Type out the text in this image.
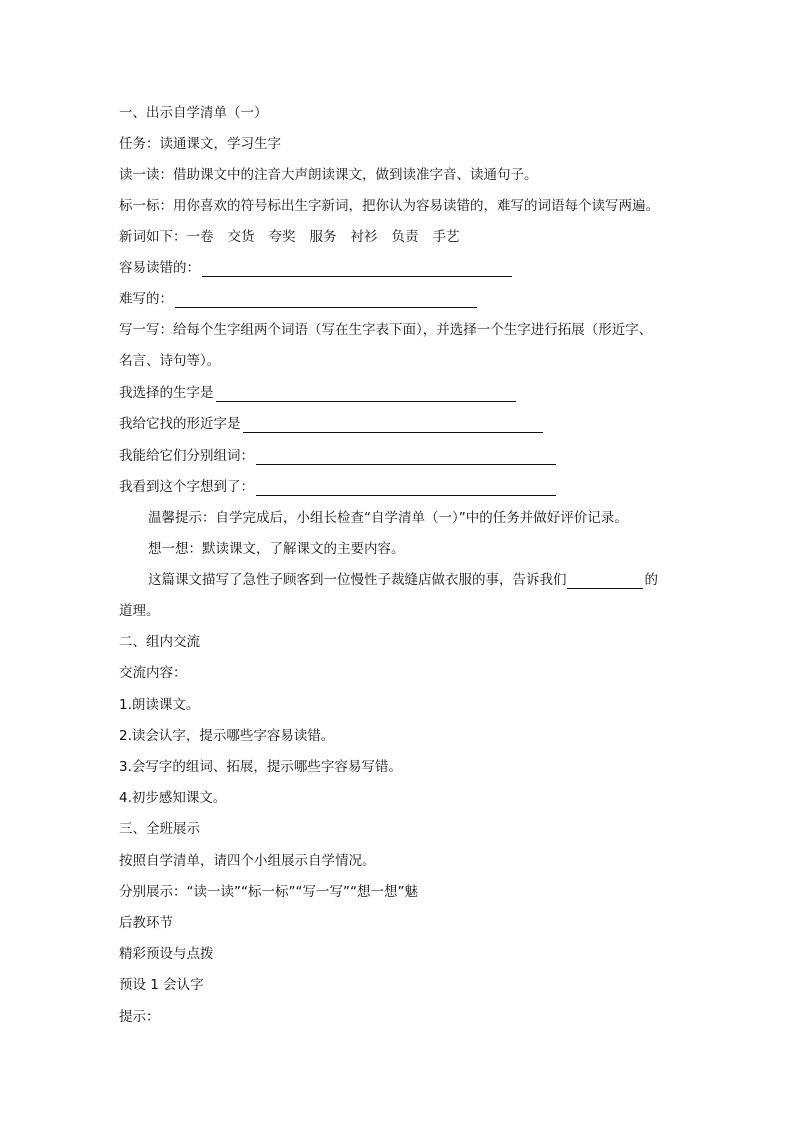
一、出示自学清单（一）
任务：读通课文，学习生字
读一读：借助课文中的注音大声朗读课文，做到读准字音、读通句子。
标一标：用你喜欢的符号标出生字新词，把你认为容易读错的，难写的词语每个读写两遍。
新词如下：一卷 交货 夸奖 服务 衬衫 负责 手艺
容易读错的：
难写的：
写一写：给每个生字组两个词语（写在生字表下面），并选择一个生字进行拓展（形近字、
名言、诗句等）。
我选择的生字是
我给它找的形近字是
我能给它们分别组词：
我看到这个字想到了：
温馨提示：自学完成后，小组长检查“自学清单（一）”中的任务并做好评价记录。
想一想：默读课文，了解课文的主要内容。
这篇课文描写了急性子顾客到一位慢性子裁缝店做衣服的事，告诉我们	的
道理。
二、组内交流
交流内容：
1.朗读课文。
2.读会认字，提示哪些字容易读错。
3.会写字的组词、拓展，提示哪些字容易写错。
4.初步感知课文。
三、全班展示
按照自学清单，请四个小组展示自学情况。
分别展示：“读一读”“标一标”“写一写”“想一想”魅
后教环节
精彩预设与点拨
预设 1 会认字
提示：
